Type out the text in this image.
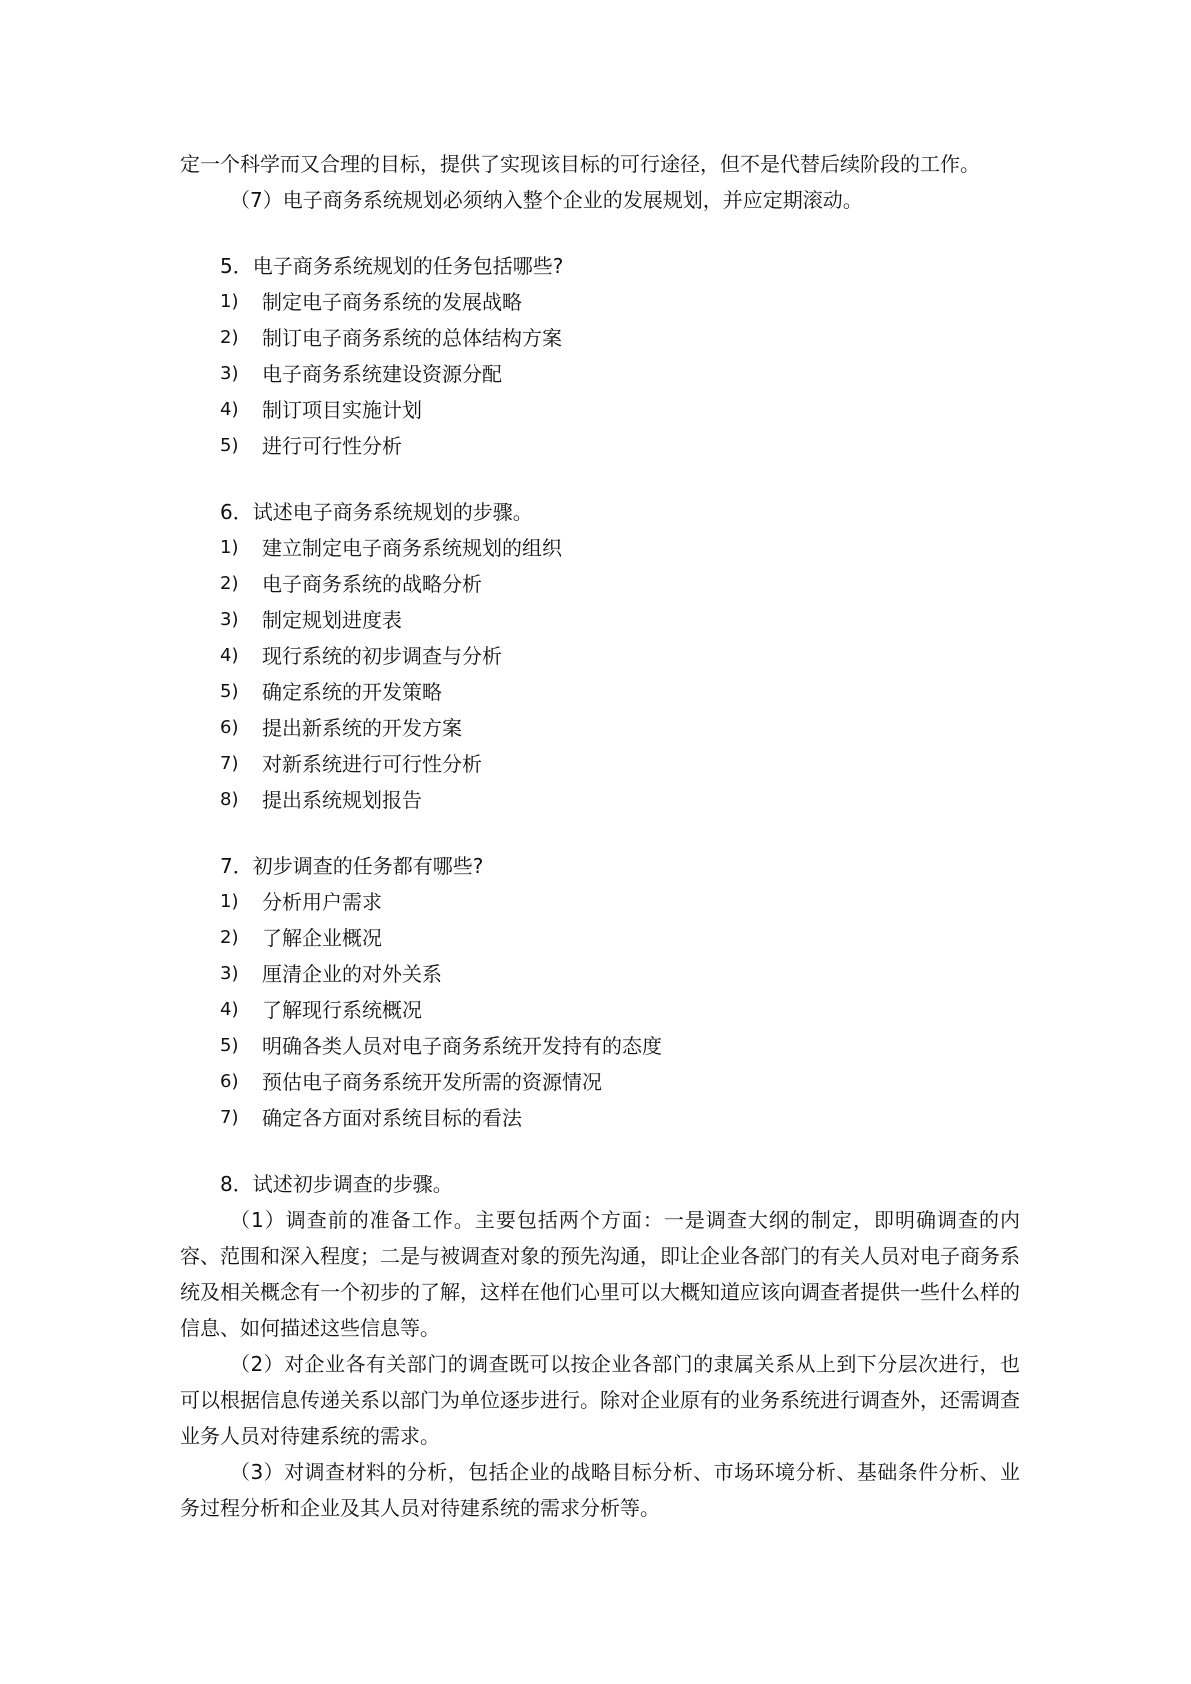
定一个科学而又合理的目标，提供了实现该目标的可行途径，但不是代替后续阶段的工作。
（7）电子商务系统规划必须纳入整个企业的发展规划，并应定期滚动。
5．电子商务系统规划的任务包括哪些?
1)	制定电子商务系统的发展战略
2)	制订电子商务系统的总体结构方案
3)	电子商务系统建设资源分配
4)	制订项目实施计划
5)	进行可行性分析
6．试述电子商务系统规划的步骤。
1)	建立制定电子商务系统规划的组织
2)	电子商务系统的战略分析
3)	制定规划进度表
4)	现行系统的初步调查与分析
5)	确定系统的开发策略
6)	提出新系统的开发方案
7)	对新系统进行可行性分析
8)	提出系统规划报告
7．初步调查的任务都有哪些?
1)	分析用户需求
2)	了解企业概况
3)	厘清企业的对外关系
4)	了解现行系统概况
5)	明确各类人员对电子商务系统开发持有的态度
6)	预估电子商务系统开发所需的资源情况
7)	确定各方面对系统目标的看法
8．试述初步调查的步骤。
（1）调查前的准备工作。主要包括两个方面：一是调查大纲的制定，即明确调查的内容、范围和深入程度；二是与被调查对象的预先沟通，即让企业各部门的有关人员对电子商务系统及相关概念有一个初步的了解，这样在他们心里可以大概知道应该向调查者提供一些什么样的信息、如何描述这些信息等。
（2）对企业各有关部门的调查既可以按企业各部门的隶属关系从上到下分层次进行，也可以根据信息传递关系以部门为单位逐步进行。除对企业原有的业务系统进行调查外，还需调查业务人员对待建系统的需求。
（3）对调查材料的分析，包括企业的战略目标分析、市场环境分析、基础条件分析、业务过程分析和企业及其人员对待建系统的需求分析等。
